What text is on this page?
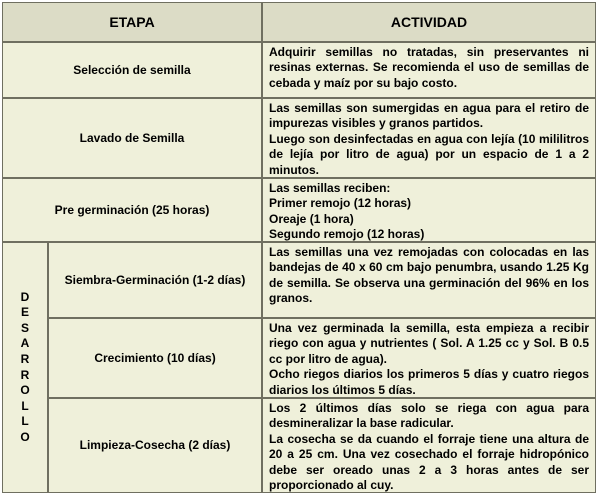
ETAPA	ACTIVIDAD
Selección de semilla

Adquirir semillas no tratadas, sin preservantes ni resinas externas. Se recomienda el uso de semillas de cebada y maíz por su bajo costo.

Lavado de Semilla

Las semillas son sumergidas en agua para el retiro de impurezas visibles y granos partidos.

Luego son desinfectadas en agua con lejía (10 mililitros de lejía por litro de agua) por un espacio de 1 a 2 minutos.

Pre germinación (25 horas)

Las semillas reciben:

Primer remojo (12 horas)

Oreaje (1 hora)

Segundo remojo (12 horas)

DESARROLLO
Siembra-Germinación (1-2 días)

Las semillas una vez remojadas con colocadas en las bandejas de 40 x 60 cm bajo penumbra, usando 1.25 Kg de semilla. Se observa una germinación del 96% en los granos.

Crecimiento (10 días)

Una vez germinada la semilla, esta empieza a recibir riego con agua y nutrientes ( Sol. A 1.25 cc y Sol. B 0.5 cc por litro de agua).

Ocho riegos diarios los primeros 5 días y cuatro riegos diarios los últimos 5 días.

Limpieza-Cosecha (2 días)

Los 2 últimos días solo se riega con agua para desmineralizar la base radicular.

La cosecha se da cuando el forraje tiene una altura de 20 a 25 cm. Una vez cosechado el forraje hidropónico debe ser oreado unas 2 a 3 horas antes de ser proporcionado al cuy.
